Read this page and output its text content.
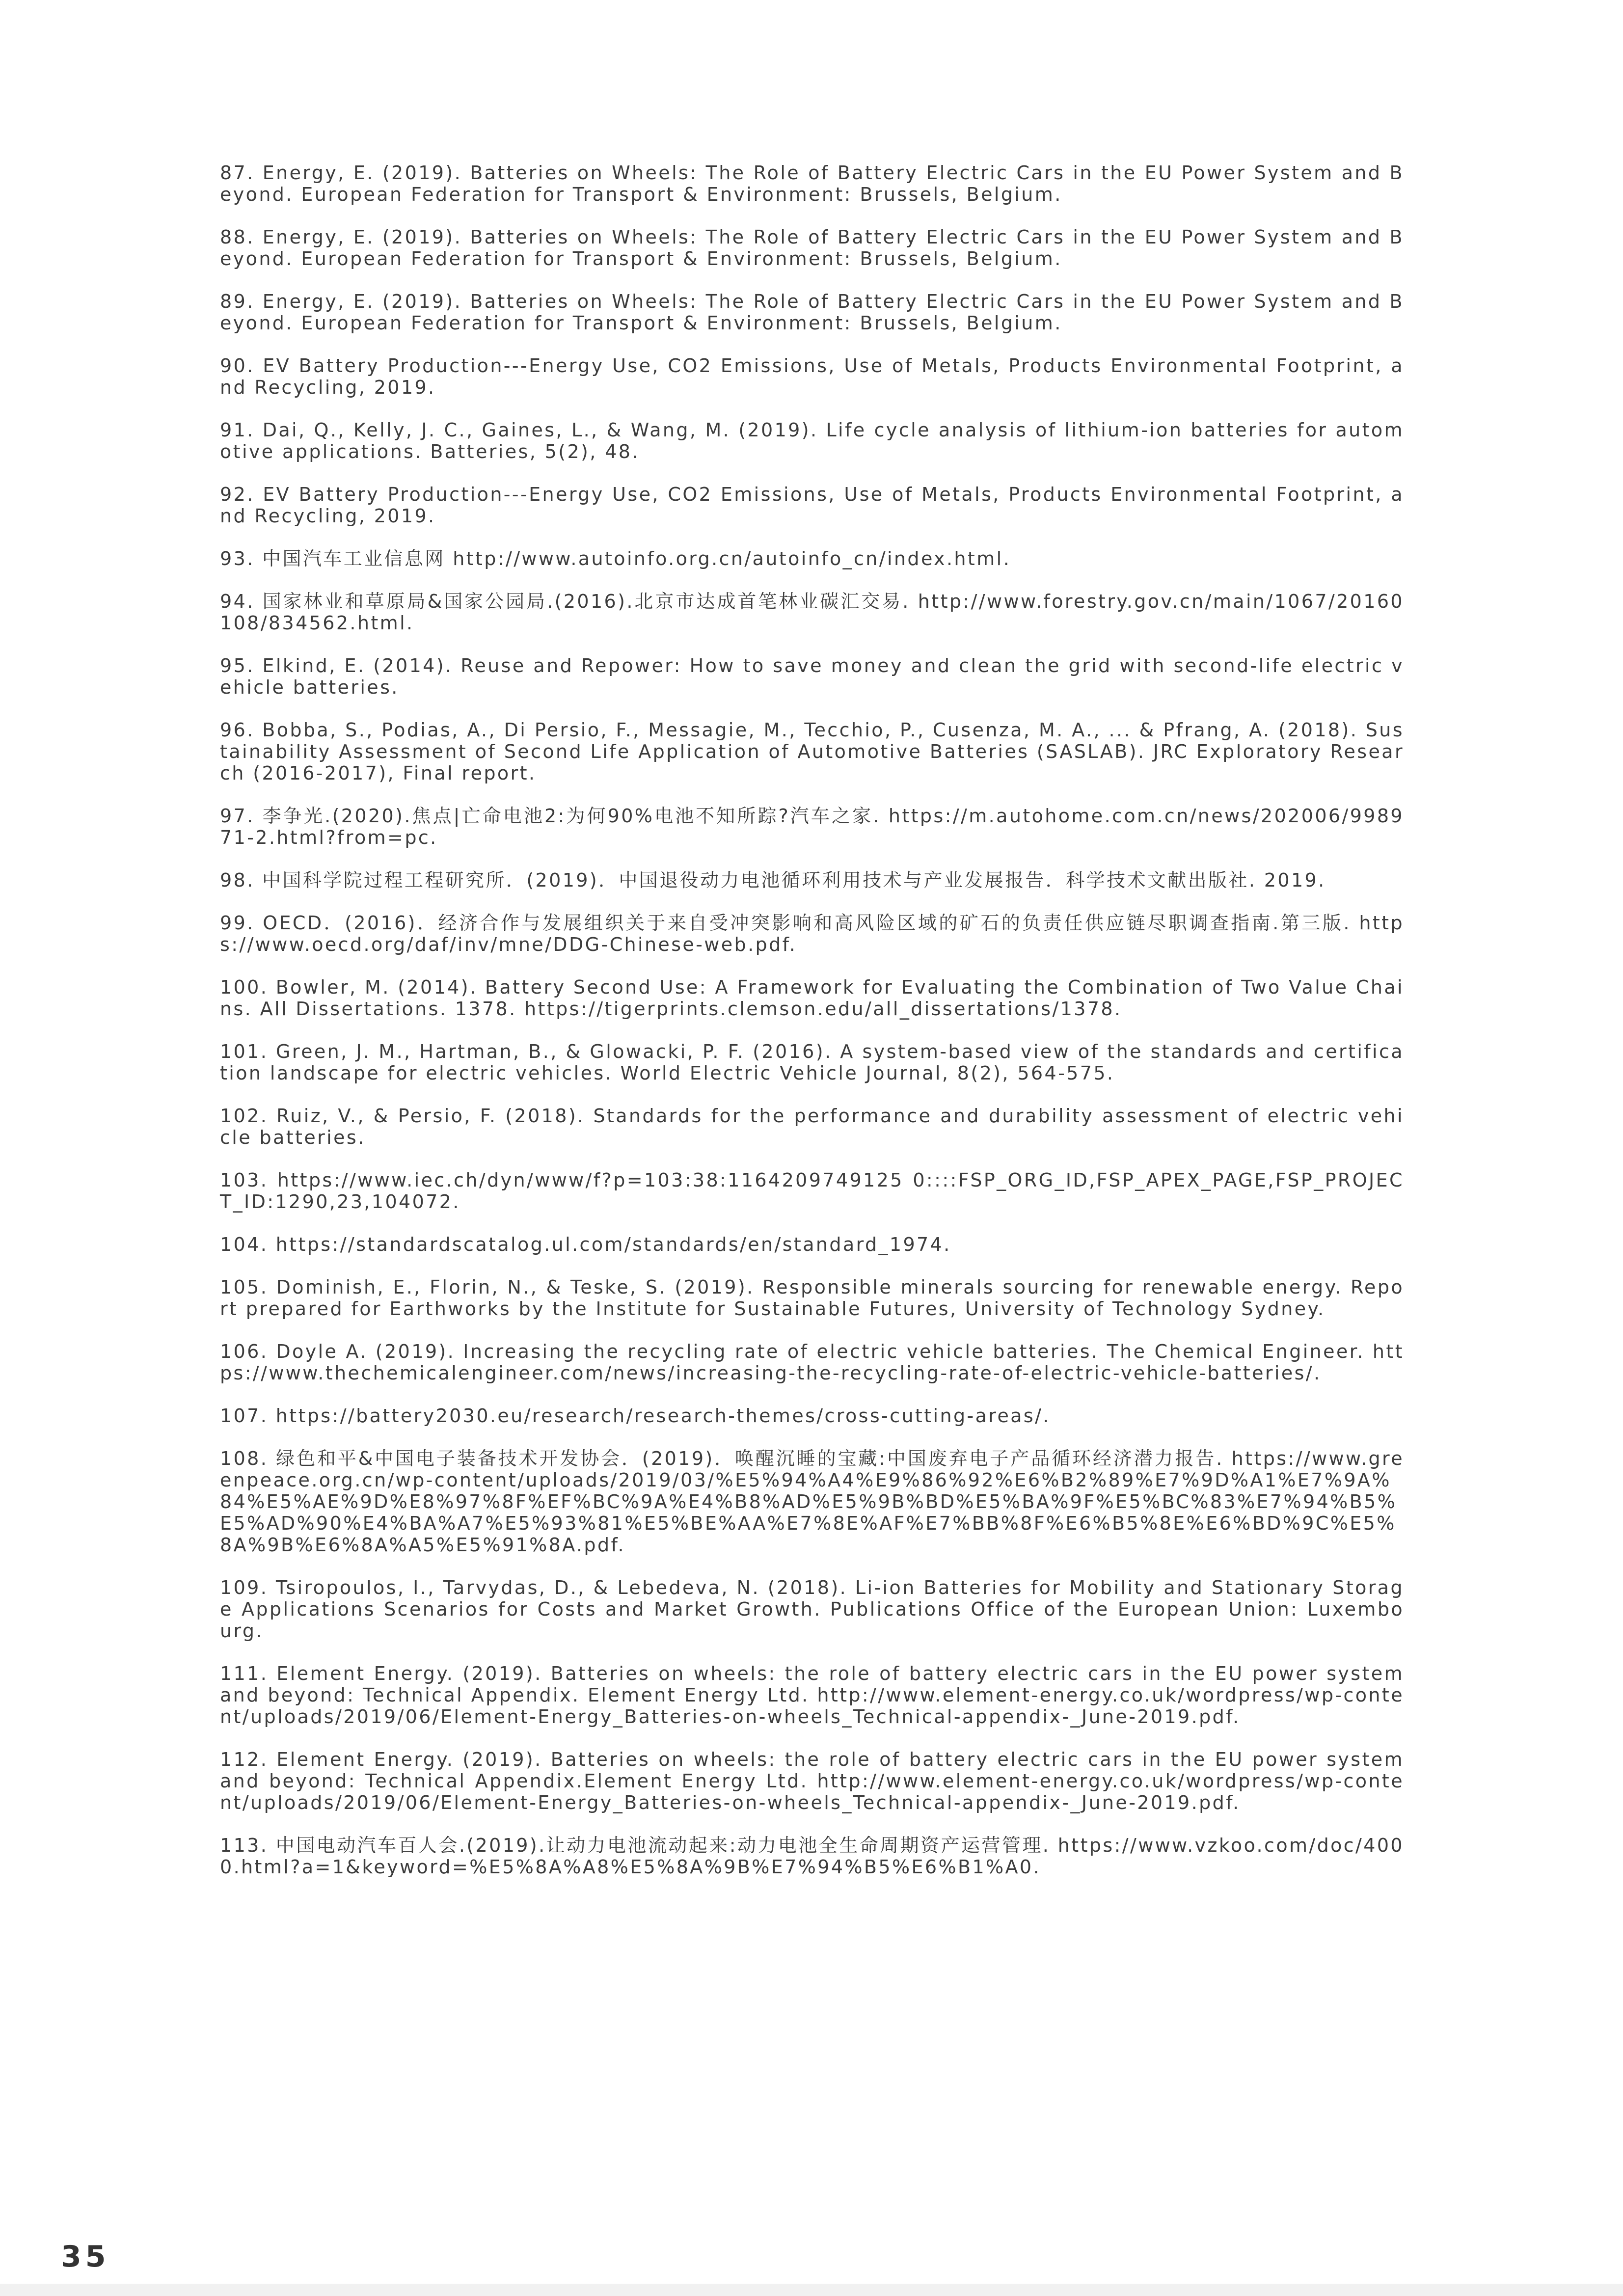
87. Energy, E. (2019). Batteries on Wheels: The Role of Battery Electric Cars in the EU Power System and Beyond. European Federation for Transport & Environment: Brussels, Belgium.
88. Energy, E. (2019). Batteries on Wheels: The Role of Battery Electric Cars in the EU Power System and Beyond. European Federation for Transport & Environment: Brussels, Belgium.
89. Energy, E. (2019). Batteries on Wheels: The Role of Battery Electric Cars in the EU Power System and Beyond. European Federation for Transport & Environment: Brussels, Belgium.
90. EV Battery Production---Energy Use, CO2 Emissions, Use of Metals, Products Environmental Footprint, and Recycling, 2019.
91. Dai, Q., Kelly, J. C., Gaines, L., & Wang, M. (2019). Life cycle analysis of lithium-ion batteries for automotive applications. Batteries, 5(2), 48.
92. EV Battery Production---Energy Use, CO2 Emissions, Use of Metals, Products Environmental Footprint, and Recycling, 2019.
93. 中国汽车工业信息网 http://www.autoinfo.org.cn/autoinfo_cn/index.html.
94. 国家林业和草原局&国家公园局.(2016).北京市达成首笔林业碳汇交易. http://www.forestry.gov.cn/main/1067/20160108/834562.html.
95. Elkind, E. (2014). Reuse and Repower: How to save money and clean the grid with second-life electric vehicle batteries.
96. Bobba, S., Podias, A., Di Persio, F., Messagie, M., Tecchio, P., Cusenza, M. A., ... & Pfrang, A. (2018). Sustainability Assessment of Second Life Application of Automotive Batteries (SASLAB). JRC Exploratory Research (2016-2017), Final report.
97. 李争光.(2020).焦点|亡命电池2:为何90%电池不知所踪?汽车之家. https://m.autohome.com.cn/news/202006/998971-2.html?from=pc.
98. 中国科学院过程工程研究所．(2019)．中国退役动力电池循环利用技术与产业发展报告．科学技术文献出版社. 2019.
99. OECD．(2016)．经济合作与发展组织关于来自受冲突影响和高风险区域的矿石的负责任供应链尽职调查指南.第三版. https://www.oecd.org/daf/inv/mne/DDG-Chinese-web.pdf.
100. Bowler, M. (2014). Battery Second Use: A Framework for Evaluating the Combination of Two Value Chains. All Dissertations. 1378. https://tigerprints.clemson.edu/all_dissertations/1378.
101. Green, J. M., Hartman, B., & Glowacki, P. F. (2016). A system-based view of the standards and certification landscape for electric vehicles. World Electric Vehicle Journal, 8(2), 564-575.
102. Ruiz, V., & Persio, F. (2018). Standards for the performance and durability assessment of electric vehicle batteries.
103. https://www.iec.ch/dyn/www/f?p=103:38:1164209749125 0::::FSP_ORG_ID,FSP_APEX_PAGE,FSP_PROJECT_ID:1290,23,104072.
104. https://standardscatalog.ul.com/standards/en/standard_1974.
105. Dominish, E., Florin, N., & Teske, S. (2019). Responsible minerals sourcing for renewable energy. Report prepared for Earthworks by the Institute for Sustainable Futures, University of Technology Sydney.
106. Doyle A. (2019). Increasing the recycling rate of electric vehicle batteries. The Chemical Engineer. https://www.thechemicalengineer.com/news/increasing-the-recycling-rate-of-electric-vehicle-batteries/.
107. https://battery2030.eu/research/research-themes/cross-cutting-areas/.
108. 绿色和平&中国电子装备技术开发协会．(2019)．唤醒沉睡的宝藏:中国废弃电子产品循环经济潜力报告. https://www.greenpeace.org.cn/wp-content/uploads/2019/03/%E5%94%A4%E9%86%92%E6%B2%89%E7%9D%A1%E7%9A%84%E5%AE%9D%E8%97%8F%EF%BC%9A%E4%B8%AD%E5%9B%BD%E5%BA%9F%E5%BC%83%E7%94%B5%E5%AD%90%E4%BA%A7%E5%93%81%E5%BE%AA%E7%8E%AF%E7%BB%8F%E6%B5%8E%E6%BD%9C%E5%8A%9B%E6%8A%A5%E5%91%8A.pdf.
109. Tsiropoulos, I., Tarvydas, D., & Lebedeva, N. (2018). Li-ion Batteries for Mobility and Stationary Storage Applications Scenarios for Costs and Market Growth. Publications Office of the European Union: Luxembourg.
111. Element Energy. (2019). Batteries on wheels: the role of battery electric cars in the EU power system and beyond: Technical Appendix. Element Energy Ltd. http://www.element-energy.co.uk/wordpress/wp-content/uploads/2019/06/Element-Energy_Batteries-on-wheels_Technical-appendix-_June-2019.pdf.
112. Element Energy. (2019). Batteries on wheels: the role of battery electric cars in the EU power system and beyond: Technical Appendix.Element Energy Ltd. http://www.element-energy.co.uk/wordpress/wp-content/uploads/2019/06/Element-Energy_Batteries-on-wheels_Technical-appendix-_June-2019.pdf.
113. 中国电动汽车百人会.(2019).让动力电池流动起来:动力电池全生命周期资产运营管理. https://www.vzkoo.com/doc/4000.html?a=1&keyword=%E5%8A%A8%E5%8A%9B%E7%94%B5%E6%B1%A0.
35
